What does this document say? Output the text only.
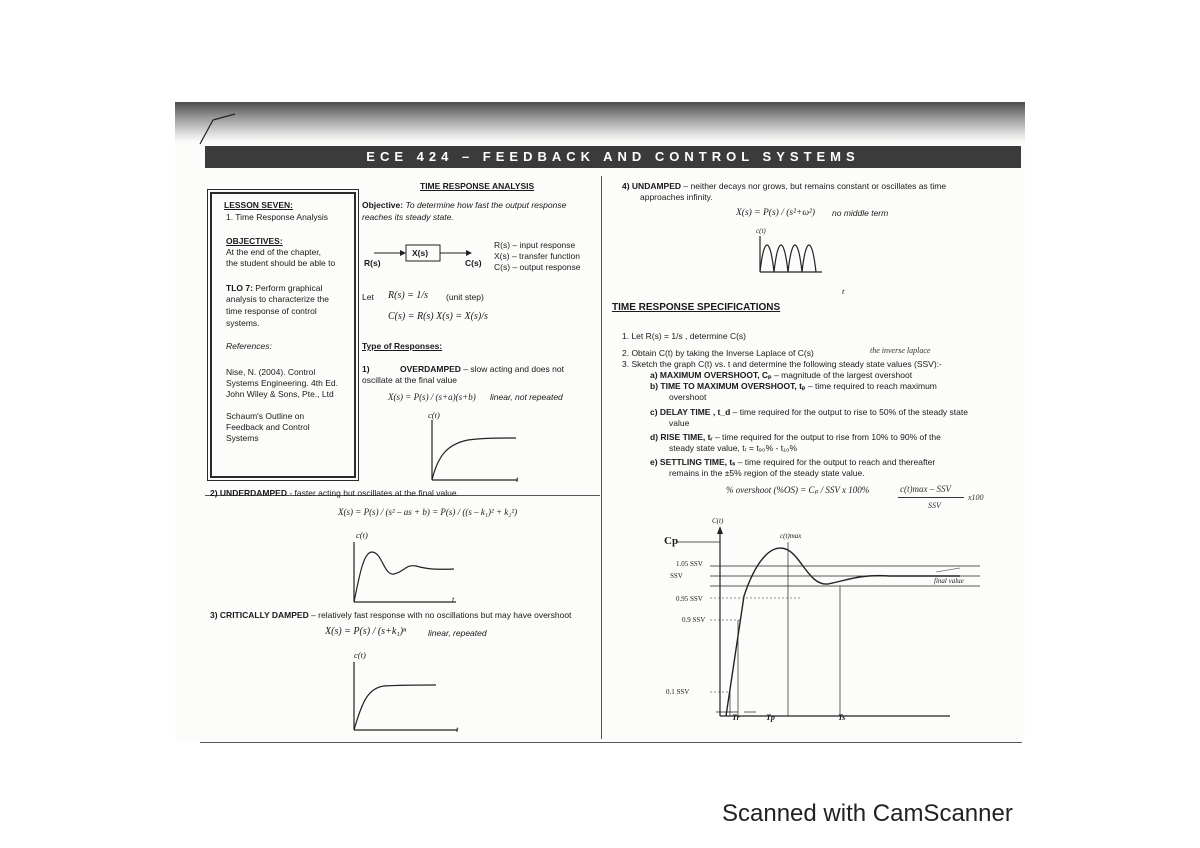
ECE 424 – FEEDBACK AND CONTROL SYSTEMS
LESSON SEVEN:
1. Time Response Analysis
OBJECTIVES:
At the end of the chapter,
the student should be able to
TLO 7: Perform graphical
analysis to characterize the
time response of control
systems.
References:
Nise, N. (2004). Control
Systems Engineering. 4th Ed.
John Wiley & Sons, Pte., Ltd
Schaum's Outline on
Feedback and Control
Systems
TIME RESPONSE ANALYSIS
Objective: To determine how fast the output response
reaches its steady state.
X(s)
R(s)	C(s)
R(s) – input response
X(s) – transfer function
C(s) – output response
Let R(s) = 1/s (unit step)
C(s) = R(s) X(s) = X(s)/s
Type of Responses:
1)	OVERDAMPED – slow acting and does not
oscillate at the final value
X(s) = P(s) / (s+a)(s+b) linear, not repeated
c(t)
t
2) UNDERDAMPED - faster acting but oscillates at the final value.
X(s) = P(s) / (s² – as + b) = P(s) / ((s – k₁)² + k₂²)
c(t)
t
3) CRITICALLY DAMPED – relatively fast response with no oscillations but may have overshoot
X(s) = P(s) / (s+k₁)ⁿ	linear, repeated
c(t)
t
4) UNDAMPED – neither decays nor grows, but remains constant or oscillates as time
approaches infinity.
X(s) = P(s) / (s²+ω²) no middle term
c(t)
t
TIME RESPONSE SPECIFICATIONS
1. Let R(s) = 1/s , determine C(s)
2. Obtain C(t) by taking the Inverse Laplace of C(s)
3. Sketch the graph C(t) vs. t and determine the following steady state values (SSV):-
a) MAXIMUM OVERSHOOT, Cₚ – magnitude of the largest overshoot
b) TIME TO MAXIMUM OVERSHOOT, tₚ – time required to reach maximum
overshoot
c) DELAY TIME , t_d – time required for the output to rise to 50% of the steady state
value
d) RISE TIME, tᵣ – time required for the output to rise from 10% to 90% of the
steady state value, tᵣ = t₉₀% - t₁₀%
e) SETTLING TIME, tₛ – time required for the output to reach and thereafter
remains in the ±5% region of the steady state value.
% overshoot (%OS) = Cₚ / SSV x 100%
the inverse laplace
c(t)max – SSV
SSV
x100
Cp
C(t)
c(t)max
1.05 SSV
SSV
0.95 SSV
0.9 SSV
0.1 SSV
final value
Tr	Tp	Ts
Scanned with CamScanner
